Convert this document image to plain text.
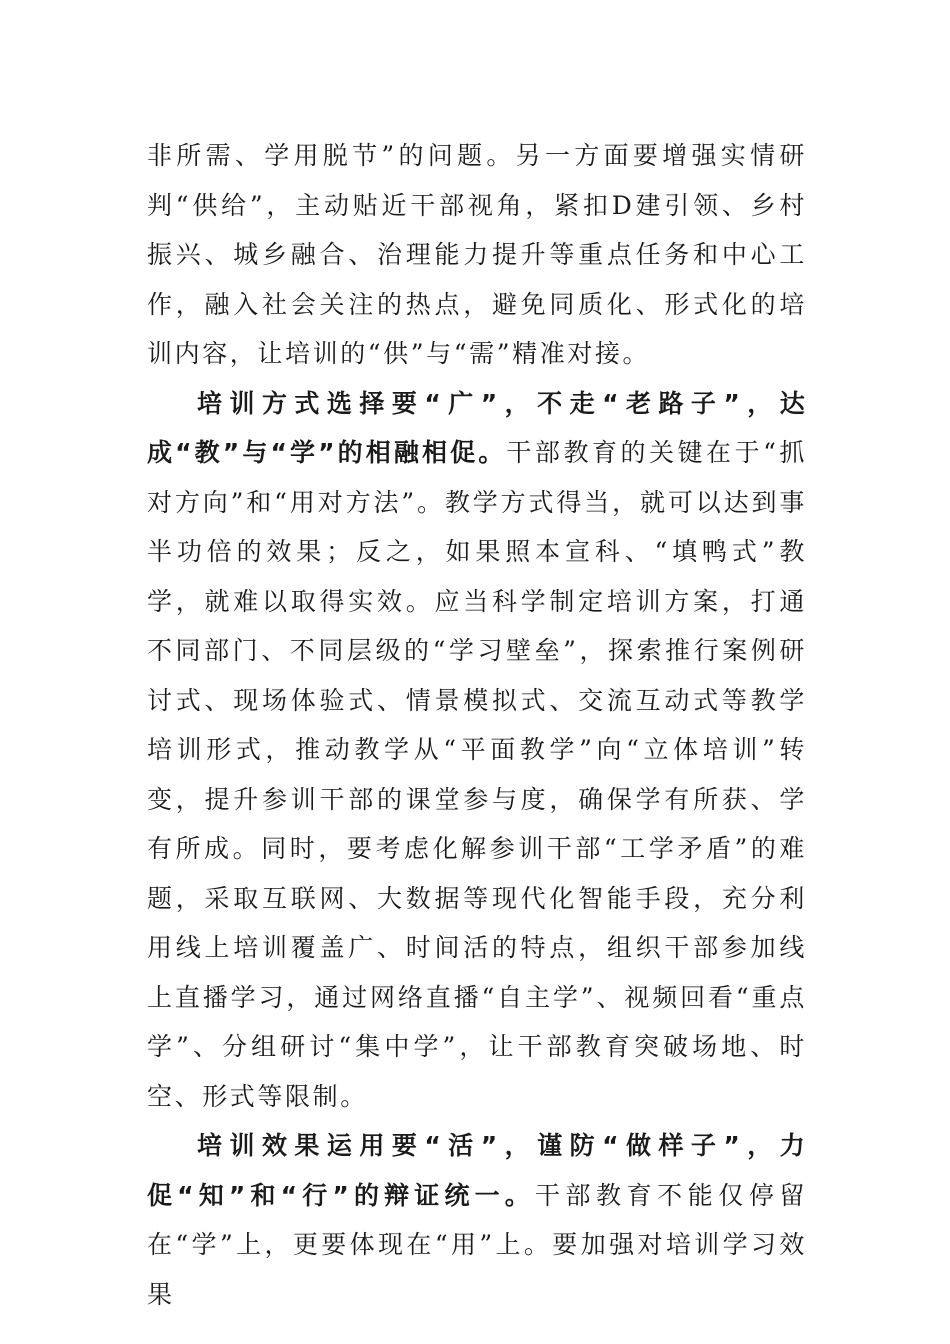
非所需、学用脱节”的问题。另一方面要增强实情研判“供给”，主动贴近干部视角，紧扣D建引领、乡村振兴、城乡融合、治理能力提升等重点任务和中心工作，融入社会关注的热点，避免同质化、形式化的培训内容，让培训的“供”与“需”精准对接。

培训方式选择要“广”，不走“老路子”，达成“教”与“学”的相融相促。干部教育的关键在于“抓对方向”和“用对方法”。教学方式得当，就可以达到事半功倍的效果；反之，如果照本宣科、“填鸭式”教学，就难以取得实效。应当科学制定培训方案，打通不同部门、不同层级的“学习壁垒”，探索推行案例研讨式、现场体验式、情景模拟式、交流互动式等教学培训形式，推动教学从“平面教学”向“立体培训”转变，提升参训干部的课堂参与度，确保学有所获、学有所成。同时，要考虑化解参训干部“工学矛盾”的难题，采取互联网、大数据等现代化智能手段，充分利用线上培训覆盖广、时间活的特点，组织干部参加线上直播学习，通过网络直播“自主学”、视频回看“重点学”、分组研讨“集中学”，让干部教育突破场地、时空、形式等限制。

培训效果运用要“活”，谨防“做样子”，力促“知”和“行”的辩证统一。干部教育不能仅停留在“学”上，更要体现在“用”上。要加强对培训学习效果
